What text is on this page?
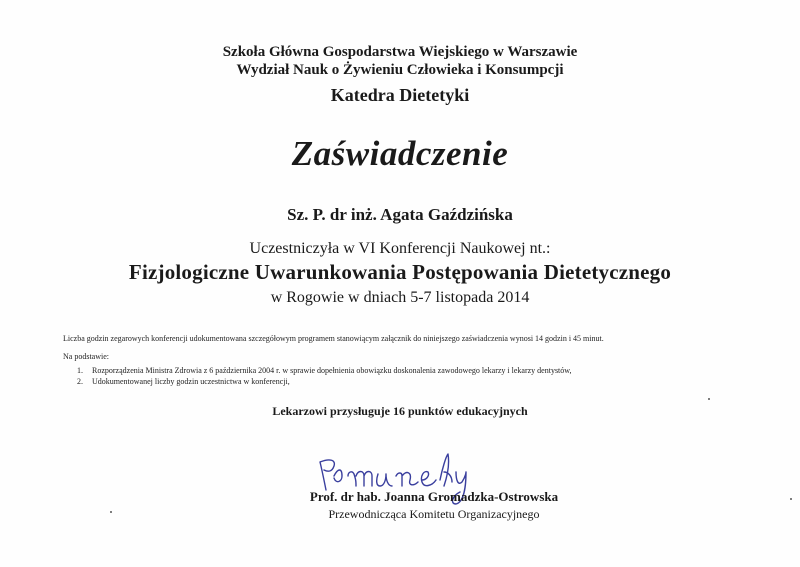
Szkoła Główna Gospodarstwa Wiejskiego w Warszawie
Wydział Nauk o Żywieniu Człowieka i Konsumpcji
Katedra Dietetyki
Zaświadczenie
Sz. P. dr inż. Agata Gaździńska
Uczestniczyła w VI Konferencji Naukowej nt.:
Fizjologiczne Uwarunkowania Postępowania Dietetycznego
w Rogowie w dniach 5-7 listopada 2014
Liczba godzin zegarowych konferencji udokumentowana szczegółowym programem stanowiącym załącznik do niniejszego zaświadczenia wynosi 14 godzin i 45 minut.
Na podstawie:
1. Rozporządzenia Ministra Zdrowia z 6 października 2004 r. w sprawie dopełnienia obowiązku doskonalenia zawodowego lekarzy i lekarzy dentystów,
2. Udokumentowanej liczby godzin uczestnictwa w konferencji,
Lekarzowi przysługuje 16 punktów edukacyjnych
Prof. dr hab. Joanna Gromadzka-Ostrowska
Przewodnicząca Komitetu Organizacyjnego
